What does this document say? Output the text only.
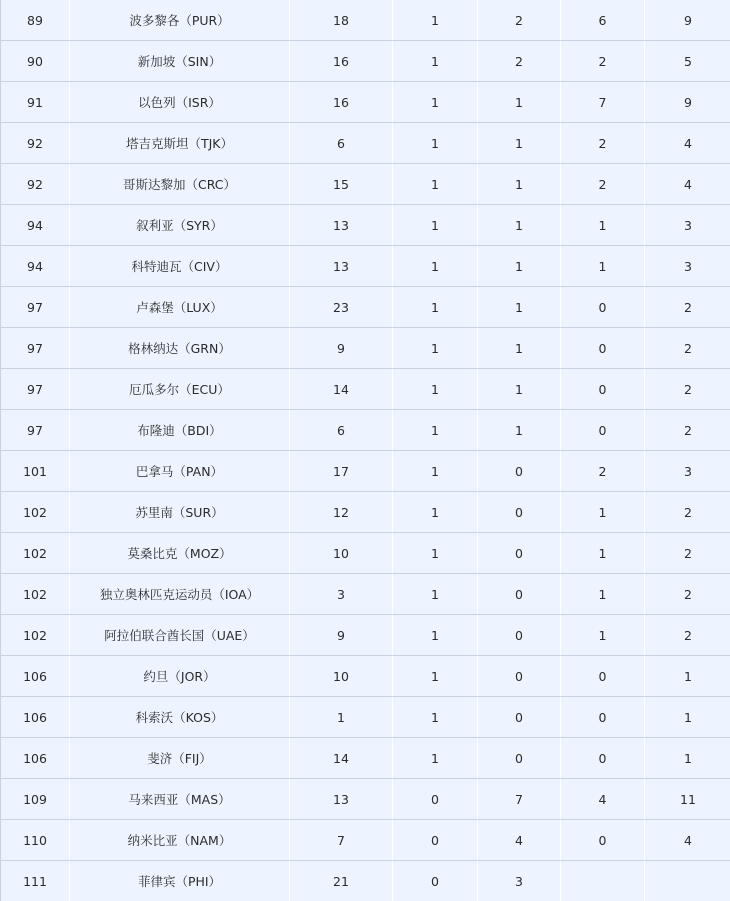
89	波多黎各（PUR）	18	1	2	6	9
90	新加坡（SIN）	16	1	2	2	5
91	以色列（ISR）	16	1	1	7	9
92	塔吉克斯坦（TJK）	6	1	1	2	4
92	哥斯达黎加（CRC）	15	1	1	2	4
94	叙利亚（SYR）	13	1	1	1	3
94	科特迪瓦（CIV）	13	1	1	1	3
97	卢森堡（LUX）	23	1	1	0	2
97	格林纳达（GRN）	9	1	1	0	2
97	厄瓜多尔（ECU）	14	1	1	0	2
97	布隆迪（BDI）	6	1	1	0	2
101	巴拿马（PAN）	17	1	0	2	3
102	苏里南（SUR）	12	1	0	1	2
102	莫桑比克（MOZ）	10	1	0	1	2
102	独立奥林匹克运动员（IOA）	3	1	0	1	2
102	阿拉伯联合酋长国（UAE）	9	1	0	1	2
106	约旦（JOR）	10	1	0	0	1
106	科索沃（KOS）	1	1	0	0	1
106	斐济（FIJ）	14	1	0	0	1
109	马来西亚（MAS）	13	0	7	4	11
110	纳米比亚（NAM）	7	0	4	0	4
111	菲律宾（PHI）	21	0	3		
